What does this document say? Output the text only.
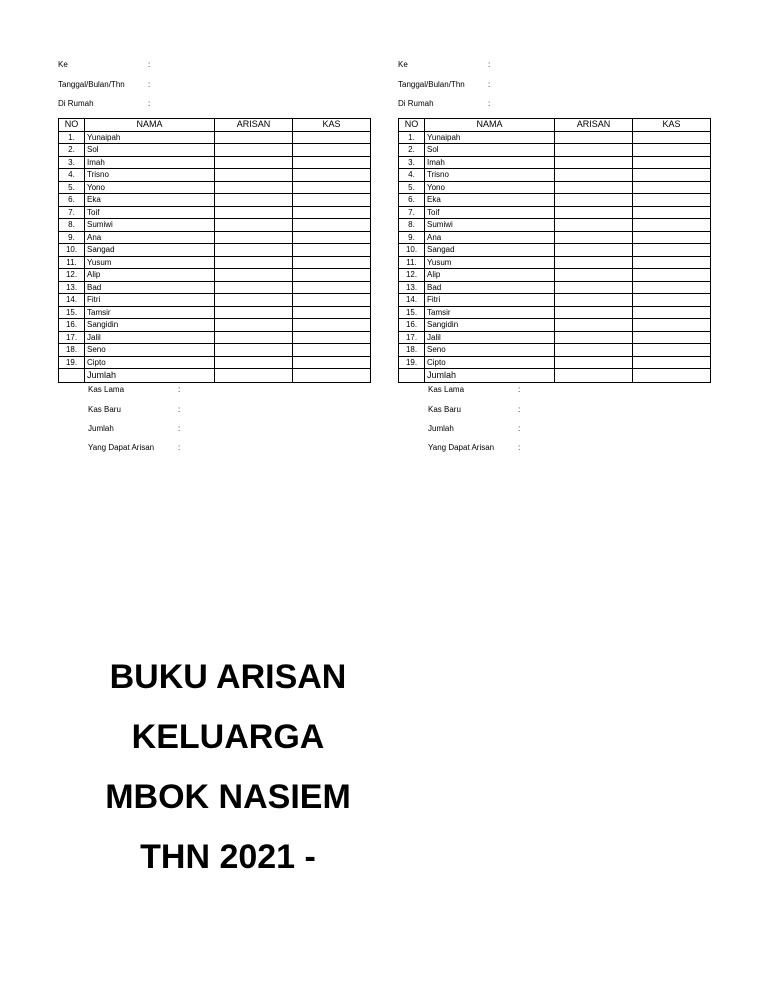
Ke	:
Tanggal/Bulan/Thn	:
Di Rumah	:
NO	NAMA	ARISAN	KAS
1.	Yunaipah		
2.	Sol		
3.	Imah		
4.	Trisno		
5.	Yono		
6.	Eka		
7.	Toif		
8.	Sumiwi		
9.	Ana		
10.	Sangad		
11.	Yusum		
12.	Alip		
13.	Bad		
14.	Fitri		
15.	Tamsir		
16.	Sangidin		
17.	Jalil		
18.	Seno		
19.	Cipto		
	Jumlah		
Kas Lama	:
Kas Baru	:
Jumlah	:
Yang Dapat Arisan	:
Ke	:
Tanggal/Bulan/Thn	:
Di Rumah	:
NO	NAMA	ARISAN	KAS
1.	Yunaipah		
2.	Sol		
3.	Imah		
4.	Trisno		
5.	Yono		
6.	Eka		
7.	Toif		
8.	Sumiwi		
9.	Ana		
10.	Sangad		
11.	Yusum		
12.	Alip		
13.	Bad		
14.	Fitri		
15.	Tamsir		
16.	Sangidin		
17.	Jalil		
18.	Seno		
19.	Cipto		
	Jumlah		
Kas Lama	:
Kas Baru	:
Jumlah	:
Yang Dapat Arisan	:
BUKU ARISAN
KELUARGA
MBOK NASIEM
THN 2021 -
